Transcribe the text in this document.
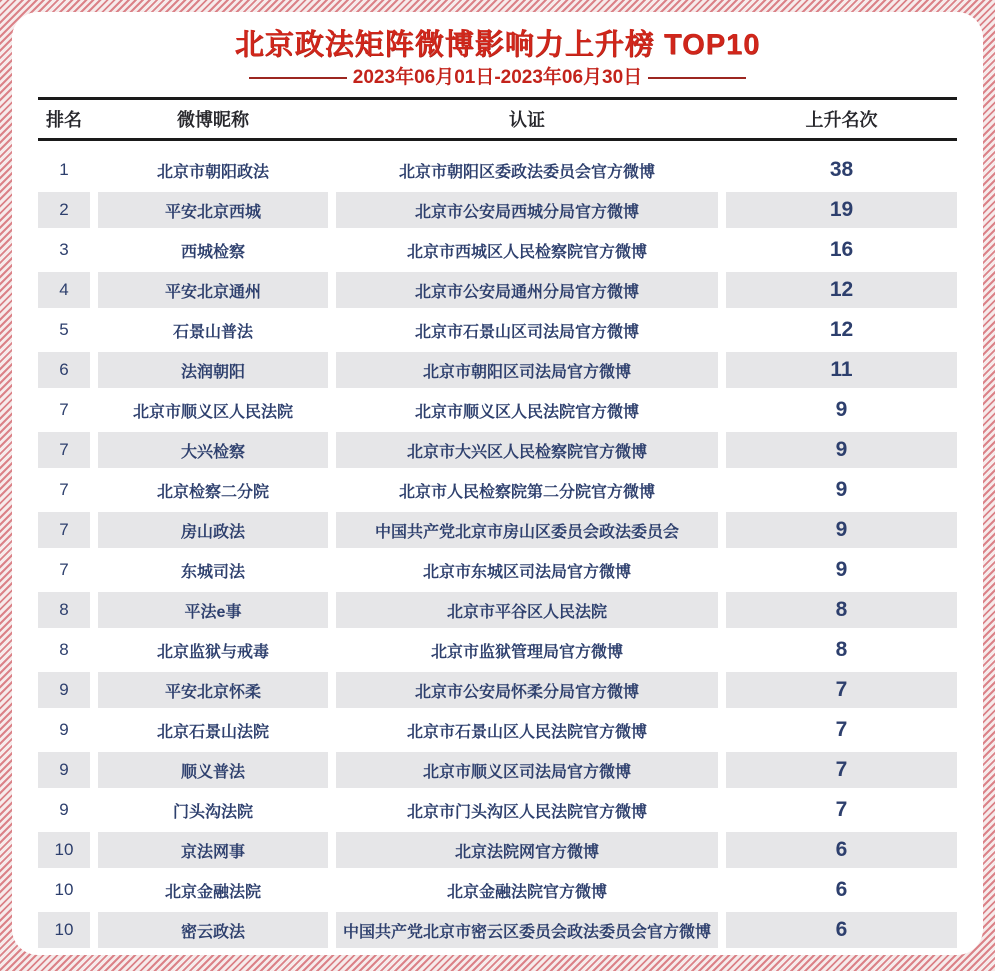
北京政法矩阵微博影响力上升榜 TOP10
2023年06月01日-2023年06月30日
排名	微博昵称	认证	上升名次
1	北京市朝阳政法	北京市朝阳区委政法委员会官方微博	38
2	平安北京西城	北京市公安局西城分局官方微博	19
3	西城检察	北京市西城区人民检察院官方微博	16
4	平安北京通州	北京市公安局通州分局官方微博	12
5	石景山普法	北京市石景山区司法局官方微博	12
6	法润朝阳	北京市朝阳区司法局官方微博	11
7	北京市顺义区人民法院	北京市顺义区人民法院官方微博	9
7	大兴检察	北京市大兴区人民检察院官方微博	9
7	北京检察二分院	北京市人民检察院第二分院官方微博	9
7	房山政法	中国共产党北京市房山区委员会政法委员会	9
7	东城司法	北京市东城区司法局官方微博	9
8	平法e事	北京市平谷区人民法院	8
8	北京监狱与戒毒	北京市监狱管理局官方微博	8
9	平安北京怀柔	北京市公安局怀柔分局官方微博	7
9	北京石景山法院	北京市石景山区人民法院官方微博	7
9	顺义普法	北京市顺义区司法局官方微博	7
9	门头沟法院	北京市门头沟区人民法院官方微博	7
10	京法网事	北京法院网官方微博	6
10	北京金融法院	北京金融法院官方微博	6
10	密云政法	中国共产党北京市密云区委员会政法委员会官方微博	6
